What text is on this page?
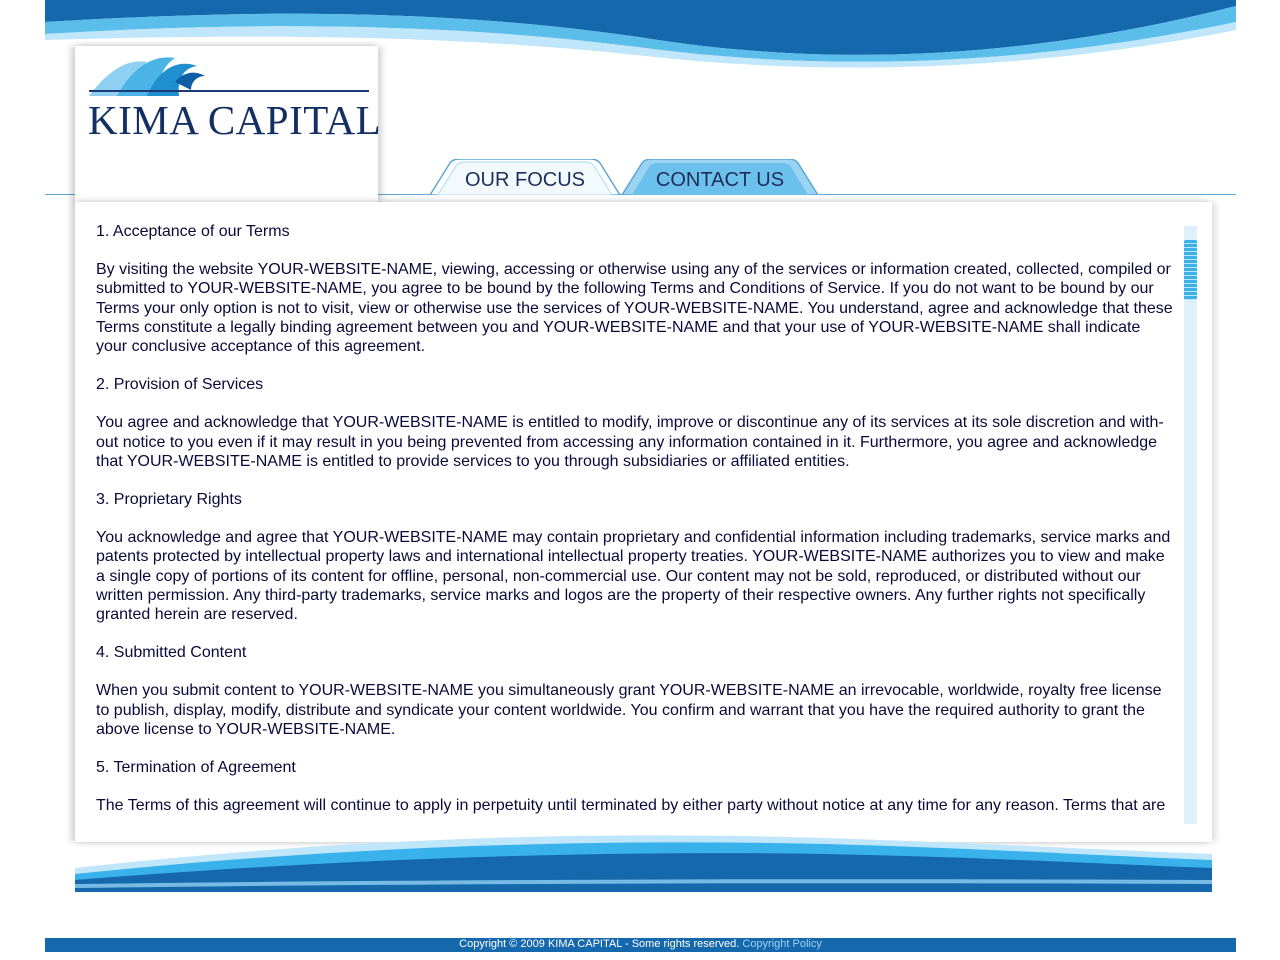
KIMA CAPITAL
OUR FOCUS	CONTACT US
1. Acceptance of our Terms

By visiting the website YOUR-WEBSITE-NAME, viewing, accessing or otherwise using any of the services or information created, collected, compiled or submitted to YOUR-WEBSITE-NAME, you agree to be bound by the following Terms and Conditions of Service. If you do not want to be bound by our Terms your only option is not to visit, view or otherwise use the services of YOUR-WEBSITE-NAME. You understand, agree and acknowledge that these Terms constitute a legally binding agreement between you and YOUR-WEBSITE-NAME and that your use of YOUR-WEBSITE-NAME shall indicate your conclusive acceptance of this agreement.

2. Provision of Services

You agree and acknowledge that YOUR-WEBSITE-NAME is entitled to modify, improve or discontinue any of its services at its sole discretion and with-out notice to you even if it may result in you being prevented from accessing any information contained in it. Furthermore, you agree and acknowledge that YOUR-WEBSITE-NAME is entitled to provide services to you through subsidiaries or affiliated entities.

3. Proprietary Rights

You acknowledge and agree that YOUR-WEBSITE-NAME may contain proprietary and confidential information including trademarks, service marks and patents protected by intellectual property laws and international intellectual property treaties. YOUR-WEBSITE-NAME authorizes you to view and make a single copy of portions of its content for offline, personal, non-commercial use. Our content may not be sold, reproduced, or distributed without our written permission. Any third-party trademarks, service marks and logos are the property of their respective owners. Any further rights not specifically granted herein are reserved.

4. Submitted Content

When you submit content to YOUR-WEBSITE-NAME you simultaneously grant YOUR-WEBSITE-NAME an irrevocable, worldwide, royalty free license to publish, display, modify, distribute and syndicate your content worldwide. You confirm and warrant that you have the required authority to grant the above license to YOUR-WEBSITE-NAME.

5. Termination of Agreement

The Terms of this agreement will continue to apply in perpetuity until terminated by either party without notice at any time for any reason. Terms that are

Copyright © 2009 KIMA CAPITAL - Some rights reserved. Copyright Policy
